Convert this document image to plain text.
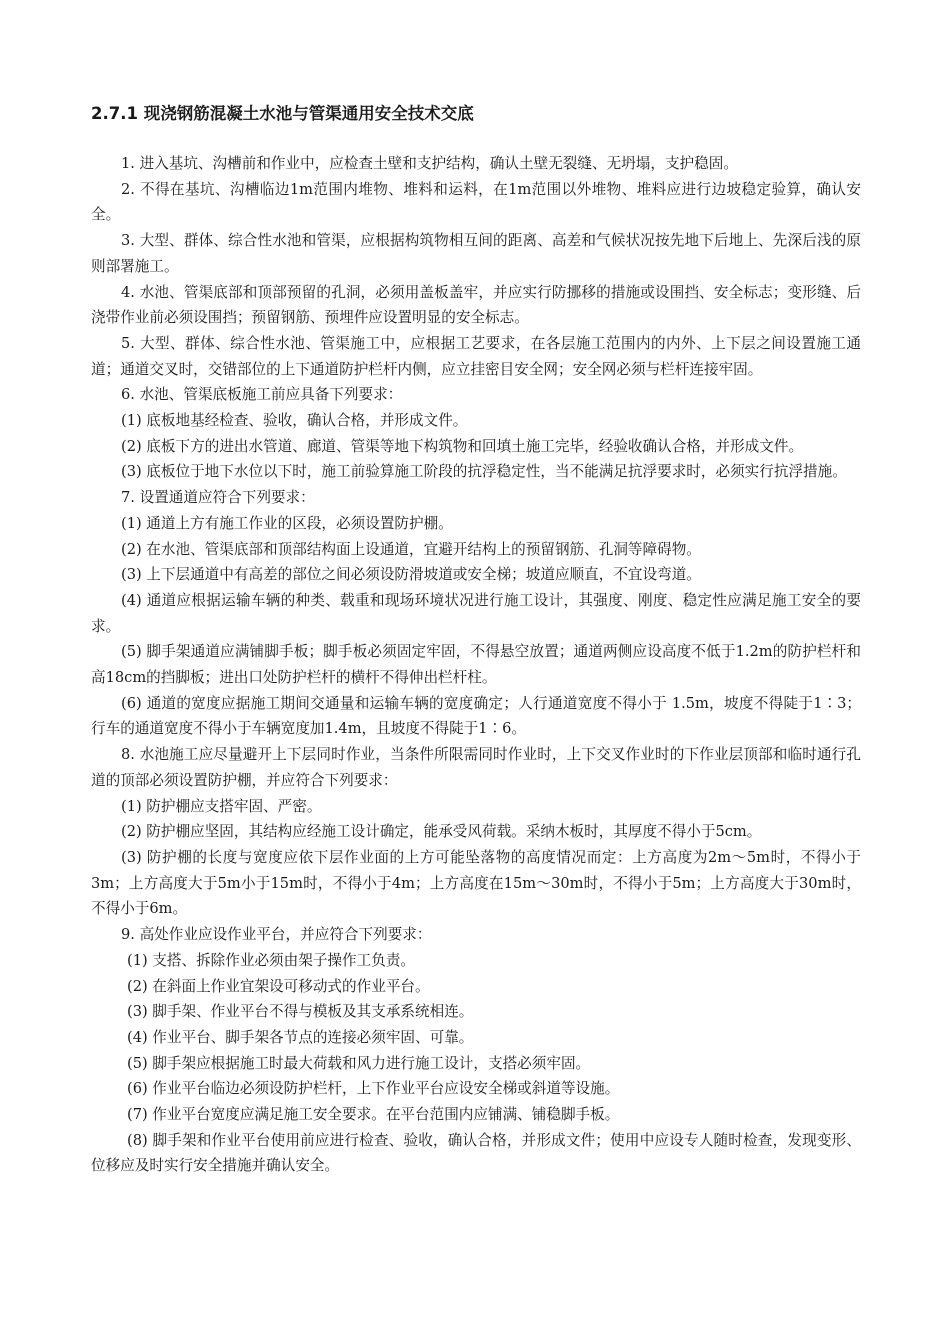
2.7.1 现浇钢筋混凝土水池与管渠通用安全技术交底

1. 进入基坑、沟槽前和作业中，应检查土壁和支护结构，确认土壁无裂缝、无坍塌，支护稳固。

2. 不得在基坑、沟槽临边1m范围内堆物、堆料和运料，在1m范围以外堆物、堆料应进行边坡稳定验算，确认安全。

3. 大型、群体、综合性水池和管渠，应根据构筑物相互间的距离、高差和气候状况按先地下后地上、先深后浅的原则部署施工。

4. 水池、管渠底部和顶部预留的孔洞，必须用盖板盖牢，并应实行防挪移的措施或设围挡、安全标志；变形缝、后浇带作业前必须设围挡；预留钢筋、预埋件应设置明显的安全标志。

5. 大型、群体、综合性水池、管渠施工中，应根据工艺要求，在各层施工范围内的内外、上下层之间设置施工通道；通道交叉时，交错部位的上下通道防护栏杆内侧，应立挂密目安全网；安全网必须与栏杆连接牢固。

6. 水池、管渠底板施工前应具备下列要求：

(1) 底板地基经检查、验收，确认合格，并形成文件。

(2) 底板下方的进出水管道、廊道、管渠等地下构筑物和回填土施工完毕，经验收确认合格，并形成文件。

(3) 底板位于地下水位以下时，施工前验算施工阶段的抗浮稳定性，当不能满足抗浮要求时，必须实行抗浮措施。

7. 设置通道应符合下列要求：

(1) 通道上方有施工作业的区段，必须设置防护棚。

(2) 在水池、管渠底部和顶部结构面上设通道，宜避开结构上的预留钢筋、孔洞等障碍物。

(3) 上下层通道中有高差的部位之间必须设防滑坡道或安全梯；坡道应顺直，不宜设弯道。

(4) 通道应根据运输车辆的种类、载重和现场环境状况进行施工设计，其强度、刚度、稳定性应满足施工安全的要求。

(5) 脚手架通道应满铺脚手板；脚手板必须固定牢固，不得悬空放置；通道两侧应设高度不低于1.2m的防护栏杆和高18cm的挡脚板；进出口处防护栏杆的横杆不得伸出栏杆柱。

(6) 通道的宽度应据施工期间交通量和运输车辆的宽度确定；人行通道宽度不得小于 1.5m，坡度不得陡于1∶3；行车的通道宽度不得小于车辆宽度加1.4m，且坡度不得陡于1∶6。

8. 水池施工应尽量避开上下层同时作业，当条件所限需同时作业时，上下交叉作业时的下作业层顶部和临时通行孔道的顶部必须设置防护棚，并应符合下列要求：

(1) 防护棚应支搭牢固、严密。

(2) 防护棚应坚固，其结构应经施工设计确定，能承受风荷载。采纳木板时，其厚度不得小于5cm。

(3) 防护棚的长度与宽度应依下层作业面的上方可能坠落物的高度情况而定：上方高度为2m～5m时，不得小于3m；上方高度大于5m小于15m时，不得小于4m；上方高度在15m～30m时，不得小于5m；上方高度大于30m时，不得小于6m。

9. 高处作业应设作业平台，并应符合下列要求：

(1) 支搭、拆除作业必须由架子操作工负责。

(2) 在斜面上作业宜架设可移动式的作业平台。

(3) 脚手架、作业平台不得与模板及其支承系统相连。

(4) 作业平台、脚手架各节点的连接必须牢固、可靠。

(5) 脚手架应根据施工时最大荷载和风力进行施工设计，支搭必须牢固。

(6) 作业平台临边必须设防护栏杆，上下作业平台应设安全梯或斜道等设施。

(7) 作业平台宽度应满足施工安全要求。在平台范围内应铺满、铺稳脚手板。

(8) 脚手架和作业平台使用前应进行检查、验收，确认合格，并形成文件；使用中应设专人随时检查，发现变形、位移应及时实行安全措施并确认安全。
